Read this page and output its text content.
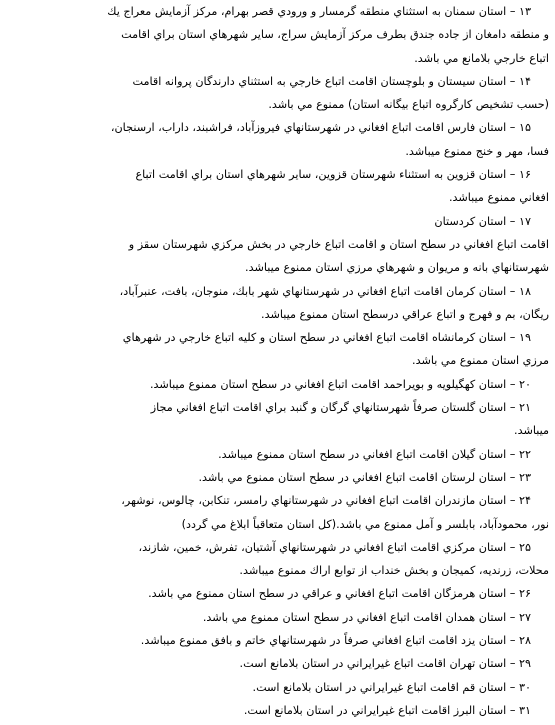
۱۳ – استان سمنان به استثناي منطقه گرمسار و ورودي قصر بهرام، مركز آزمايش معراج يك
و منطقه دامغان از جاده جندق بطرف مرکز آزمايش سراج، ساير شهرهاي استان براي اقامت
اتباع خارجي بلامانع مي باشد.
۱۴ – استان سيستان و بلوچستان اقامت اتباع خارجي به استثناي دارندگان پروانه اقامت
(حسب تشخيص كارگروه اتباع بيگانه استان) ممنوع مي باشد.
۱۵ – استان فارس اقامت اتباع افغاني در شهرستانهاي فيروزآباد، فراشبند، داراب، ارسنجان،
فسا، مهر و خنج ممنوع ميباشد.
۱۶ – استان قزوين به استثناء شهرستان قزوين، ساير شهرهاي استان براي اقامت اتباع
افغاني ممنوع ميباشد.
۱۷ – استان كردستان
اقامت اتباع افغاني در سطح استان و اقامت اتباع خارجي در بخش مركزي شهرستان سقز و
شهرستانهاي بانه و مريوان و شهرهاي مرزي استان ممنوع ميباشد.
۱۸ – استان كرمان اقامت اتباع افغاني در شهرستانهاي شهر بابك، منوجان، بافت، عنبرآباد،
ريگان، بم و فهرج و اتباع عراقي درسطح استان ممنوع ميباشد.
۱۹ – استان كرمانشاه اقامت اتباع افغاني در سطح استان و كليه اتباع خارجي در شهرهاي
مرزي استان ممنوع مي باشد.
۲۰ – استان كهگيلويه و بويراحمد اقامت اتباع افغاني در سطح استان ممنوع ميباشد.
۲۱ – استان گلستان صرفاً شهرستانهاي گرگان و گنبد براي اقامت اتباع افغاني مجاز
ميباشد.
۲۲ – استان گيلان اقامت اتباع افغاني در سطح استان ممنوع ميباشد.
۲۳ – استان لرستان اقامت اتباع افغاني در سطح استان ممنوع مي باشد.
۲۴ – استان مازندران اقامت اتباع افغاني در شهرستانهاي رامسر، تنكابن، چالوس، نوشهر،
نور، محمودآباد، بابلسر و آمل ممنوع مي باشد.(كل استان متعاقباً ابلاغ مي گردد)
۲۵ – استان مركزي اقامت اتباع افغاني در شهرستانهاي آشتيان، تفرش، خمين، شازند،
محلات، زرنديه، كميجان و بخش خنداب از توابع اراك ممنوع ميباشد.
۲۶ – استان هرمزگان اقامت اتباع افغاني و عراقي در سطح استان ممنوع مي باشد.
۲۷ – استان همدان اقامت اتباع افغاني در سطح استان ممنوع مي باشد.
۲۸ – استان يزد اقامت اتباع افغاني صرفاً در شهرستانهاي خاتم و بافق ممنوع ميباشد.
۲۹ – استان تهران اقامت اتباع غيرايراني در استان بلامانع است.
۳۰ – استان قم اقامت اتباع غيرايراني در استان بلامانع است.
۳۱ – استان البرز اقامت اتباع غيرايراني در استان بلامانع است.
